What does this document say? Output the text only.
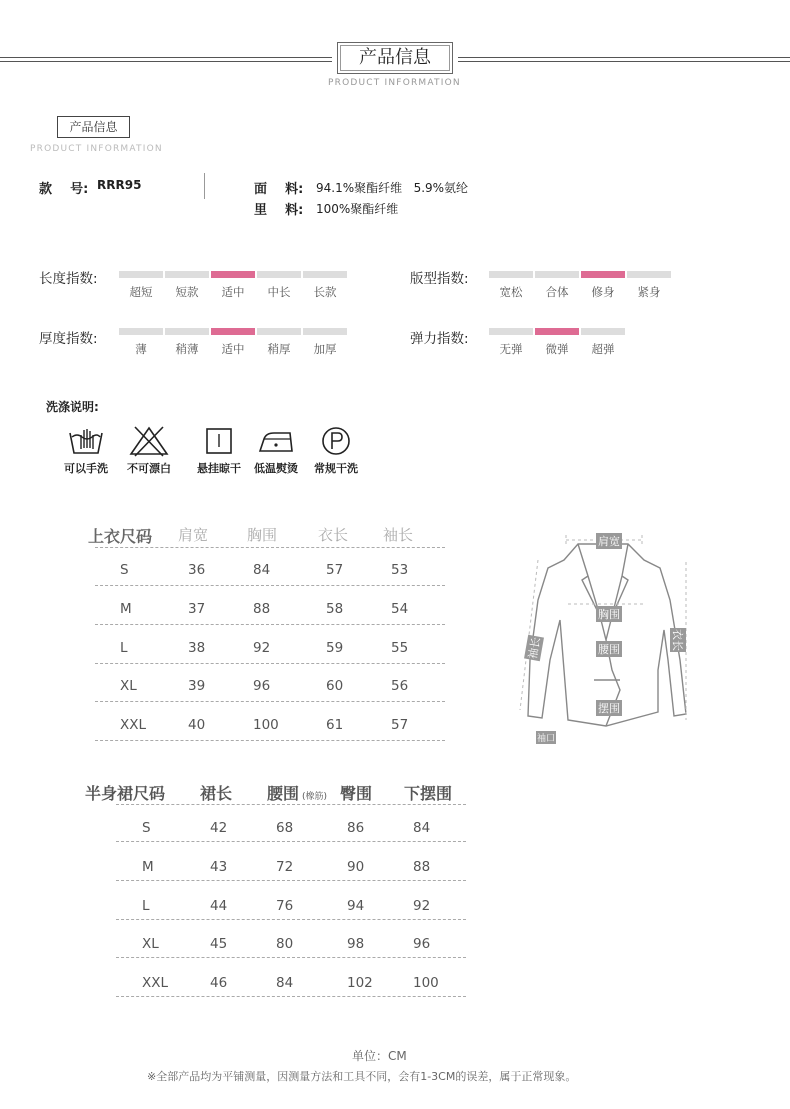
产品信息
PRODUCT INFORMATION
产品信息
PRODUCT INFORMATION
款    号: RRR95	面    料: 94.1%聚酯纤维   5.9%氨纶
里    料: 100%聚酯纤维
长度指数:
超短 短款 适中 中长 长款
版型指数:
宽松 合体 修身 紧身
厚度指数:
薄	稍薄 适中 稍厚 加厚
弹力指数:
无弹 微弹 超弹
洗涤说明:
可以手洗 不可漂白 悬挂晾干 低温熨烫 常规干洗
上衣尺码 肩宽	胸围	衣长 袖长
S	36	84	57	53
M	37	88	58	54
L	38	92	59	55
XL	39	96	60	56
XXL	40	100	61	57
肩宽
胸围
腰围
摆围
袖长	衣长
袖口
半身裙尺码 裙长 腰围 (橡筋) 臀围 下摆围
S	42	68	86	84
M	43	72	90	88
L	44	76	94	92
XL	45	80	98	96
XXL	46	84	102	100
单位：CM
※全部产品均为平铺测量，因测量方法和工具不同，会有1-3CM的误差，属于正常现象。
